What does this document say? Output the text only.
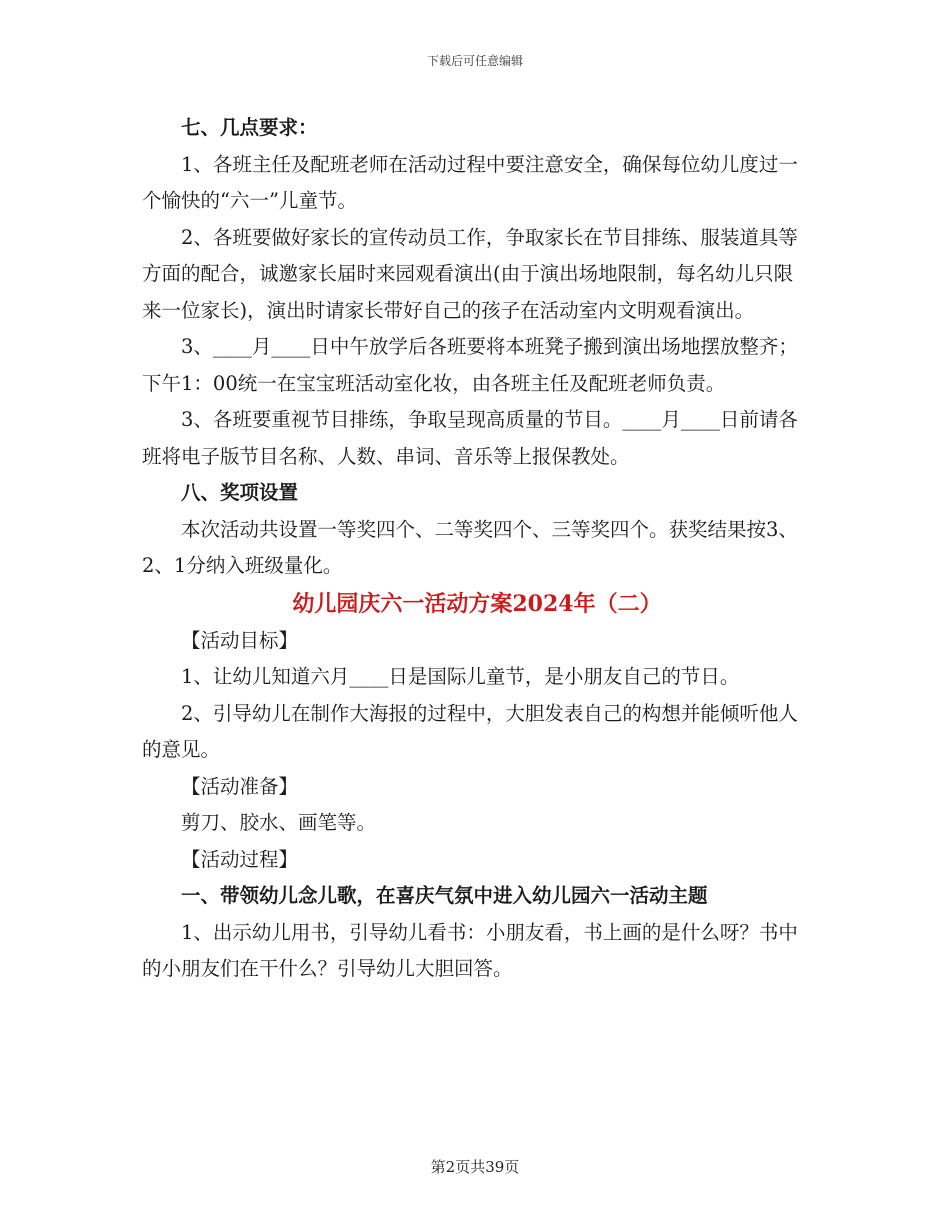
下载后可任意编辑

七、几点要求：

1、各班主任及配班老师在活动过程中要注意安全，确保每位幼儿度过一个愉快的“六一”儿童节。

2、各班要做好家长的宣传动员工作，争取家长在节目排练、服装道具等方面的配合，诚邀家长届时来园观看演出(由于演出场地限制，每名幼儿只限来一位家长)，演出时请家长带好自己的孩子在活动室内文明观看演出。

3、____月____日中午放学后各班要将本班凳子搬到演出场地摆放整齐；下午1：00统一在宝宝班活动室化妆，由各班主任及配班老师负责。

3、各班要重视节目排练，争取呈现高质量的节目。____月____日前请各班将电子版节目名称、人数、串词、音乐等上报保教处。

八、奖项设置

本次活动共设置一等奖四个、二等奖四个、三等奖四个。获奖结果按3、2、1分纳入班级量化。

幼儿园庆六一活动方案2024年（二）

【活动目标】

1、让幼儿知道六月____日是国际儿童节，是小朋友自己的节日。

2、引导幼儿在制作大海报的过程中，大胆发表自己的构想并能倾听他人的意见。

【活动准备】

剪刀、胶水、画笔等。

【活动过程】

一、带领幼儿念儿歌，在喜庆气氛中进入幼儿园六一活动主题

1、出示幼儿用书，引导幼儿看书：小朋友看，书上画的是什么呀？书中的小朋友们在干什么？引导幼儿大胆回答。

第2页共39页
